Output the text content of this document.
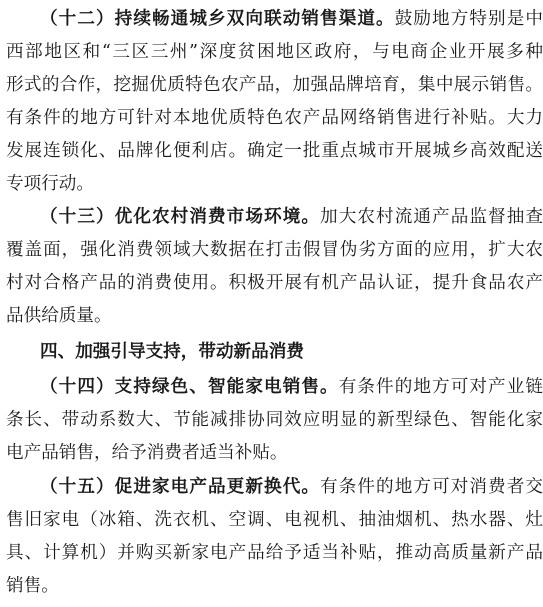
（十二）持续畅通城乡双向联动销售渠道。鼓励地方特别是中
西部地区和“三区三州”深度贫困地区政府，与电商企业开展多种
形式的合作，挖掘优质特色农产品，加强品牌培育，集中展示销售。
有条件的地方可针对本地优质特色农产品网络销售进行补贴。大力
发展连锁化、品牌化便利店。确定一批重点城市开展城乡高效配送
专项行动。
（十三）优化农村消费市场环境。加大农村流通产品监督抽查
覆盖面，强化消费领域大数据在打击假冒伪劣方面的应用，扩大农
村对合格产品的消费使用。积极开展有机产品认证，提升食品农产
品供给质量。
四、加强引导支持，带动新品消费
（十四）支持绿色、智能家电销售。有条件的地方可对产业链
条长、带动系数大、节能减排协同效应明显的新型绿色、智能化家
电产品销售，给予消费者适当补贴。
（十五）促进家电产品更新换代。有条件的地方可对消费者交
售旧家电（冰箱、洗衣机、空调、电视机、抽油烟机、热水器、灶
具、计算机）并购买新家电产品给予适当补贴，推动高质量新产品
销售。
